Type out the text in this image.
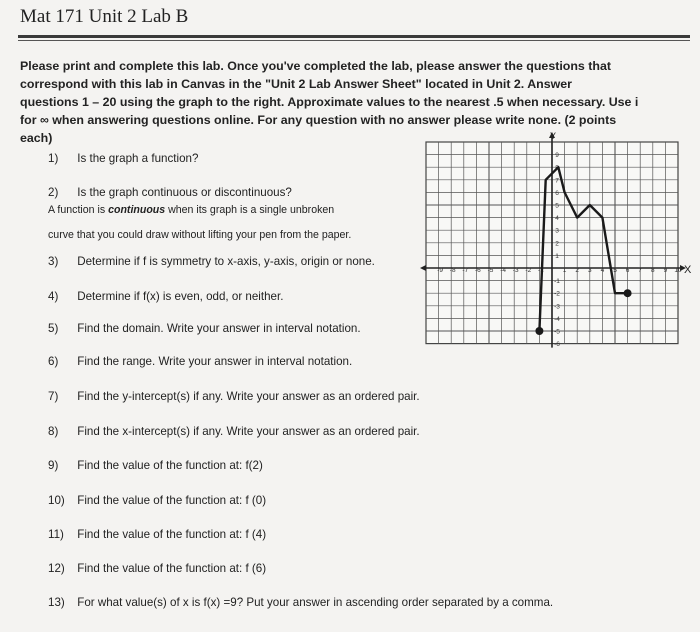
Mat 171 Unit 2 Lab B
Please print and complete this lab. Once you've completed the lab, please answer the questions that
correspond with this lab in Canvas in the "Unit 2 Lab Answer Sheet" located in Unit 2. Answer
questions 1 – 20 using the graph to the right. Approximate values to the nearest .5 when necessary. Use i
for ∞ when answering questions online. For any question with no answer please write none. (2 points
each)
1) Is the graph a function?
2) Is the graph continuous or discontinuous?
A function is continuous when its graph is a single unbroken
curve that you could draw without lifting your pen from the paper.
3) Determine if f is symmetry to x-axis, y-axis, origin or none.
4) Determine if f(x) is even, odd, or neither.
5) Find the domain. Write your answer in interval notation.
6) Find the range. Write your answer in interval notation.
7) Find the y-intercept(s) if any. Write your answer as an ordered pair.
8) Find the x-intercept(s) if any. Write your answer as an ordered pair.
9) Find the value of the function at: f(2)
10) Find the value of the function at: f (0)
11) Find the value of the function at: f (4)
12) Find the value of the function at: f (6)
13) For what value(s) of x is f(x) =9? Put your answer in ascending order separated by a comma.
-9 -8 -7 -6 -5 -4 -3 -2 -1	1 2 3 4 5 6 7 8 9 10
9
8
7
6
5
4
3
2
1
-1
-2
-3
-4
-5
-6
X
Y
